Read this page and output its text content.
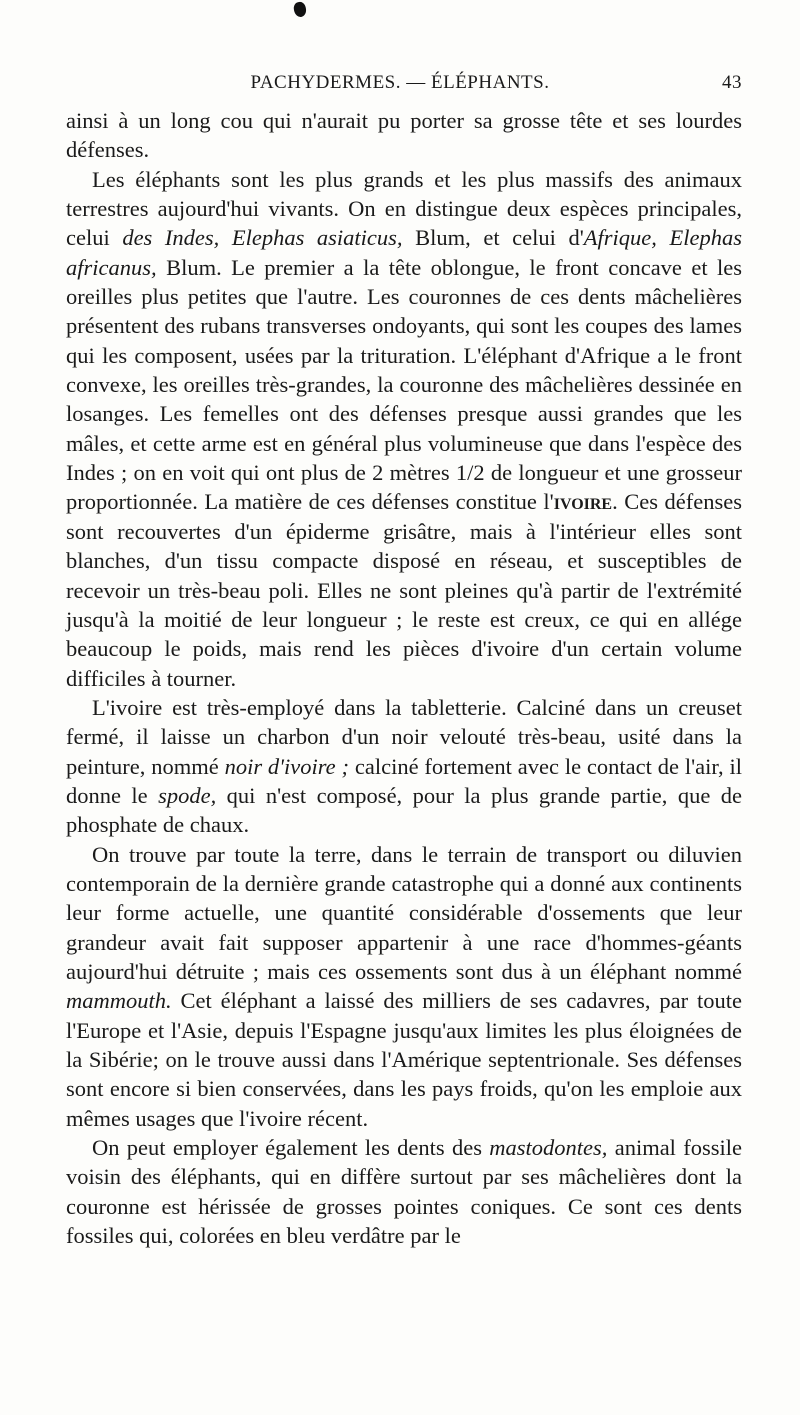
PACHYDERMES. — ÉLÉPHANTS.	43

ainsi à un long cou qui n'aurait pu porter sa grosse tête et ses lourdes défenses.

Les éléphants sont les plus grands et les plus massifs des animaux terrestres aujourd'hui vivants. On en distingue deux espèces principales, celui des Indes, Elephas asiaticus, Blum, et celui d'Afrique, Elephas africanus, Blum. Le premier a la tête oblongue, le front concave et les oreilles plus petites que l'autre. Les couronnes de ces dents mâchelières présentent des rubans transverses ondoyants, qui sont les coupes des lames qui les composent, usées par la trituration. L'éléphant d'Afrique a le front convexe, les oreilles très-grandes, la couronne des mâchelières dessinée en losanges. Les femelles ont des défenses presque aussi grandes que les mâles, et cette arme est en général plus volumineuse que dans l'espèce des Indes ; on en voit qui ont plus de 2 mètres 1/2 de longueur et une grosseur proportionnée. La matière de ces défenses constitue l'ivoire. Ces défenses sont recouvertes d'un épiderme grisâtre, mais à l'intérieur elles sont blanches, d'un tissu compacte disposé en réseau, et susceptibles de recevoir un très-beau poli. Elles ne sont pleines qu'à partir de l'extrémité jusqu'à la moitié de leur longueur ; le reste est creux, ce qui en allége beaucoup le poids, mais rend les pièces d'ivoire d'un certain volume difficiles à tourner.

L'ivoire est très-employé dans la tabletterie. Calciné dans un creuset fermé, il laisse un charbon d'un noir velouté très-beau, usité dans la peinture, nommé noir d'ivoire ; calciné fortement avec le contact de l'air, il donne le spode, qui n'est composé, pour la plus grande partie, que de phosphate de chaux.

On trouve par toute la terre, dans le terrain de transport ou diluvien contemporain de la dernière grande catastrophe qui a donné aux continents leur forme actuelle, une quantité considérable d'ossements que leur grandeur avait fait supposer appartenir à une race d'hommes-géants aujourd'hui détruite ; mais ces ossements sont dus à un éléphant nommé mammouth. Cet éléphant a laissé des milliers de ses cadavres, par toute l'Europe et l'Asie, depuis l'Espagne jusqu'aux limites les plus éloignées de la Sibérie; on le trouve aussi dans l'Amérique septentrionale. Ses défenses sont encore si bien conservées, dans les pays froids, qu'on les emploie aux mêmes usages que l'ivoire récent.

On peut employer également les dents des mastodontes, animal fossile voisin des éléphants, qui en diffère surtout par ses mâchelières dont la couronne est hérissée de grosses pointes coniques. Ce sont ces dents fossiles qui, colorées en bleu verdâtre par le
